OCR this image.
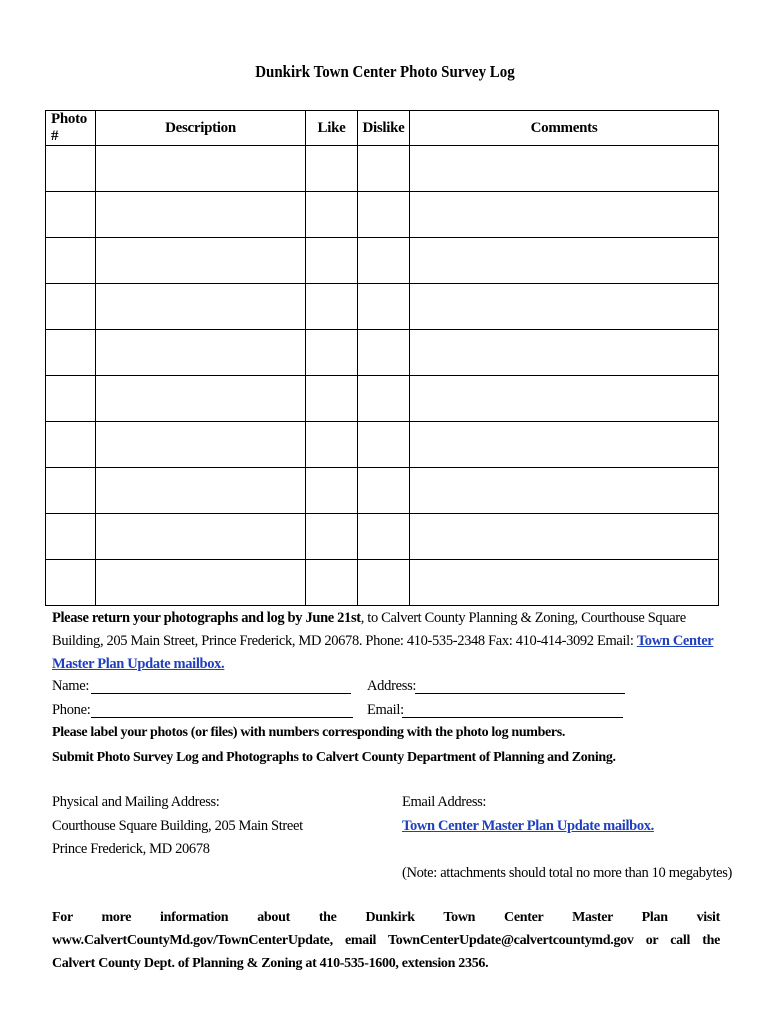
Dunkirk Town Center Photo Survey Log
Photo #	Description	Like	Dislike	Comments

Please return your photographs and log by June 21st, to Calvert County Planning & Zoning, Courthouse Square Building, 205 Main Street, Prince Frederick, MD 20678. Phone: 410-535-2348 Fax: 410-414-3092 Email: Town Center Master Plan Update mailbox.
Name:	Address:
Phone:	Email:
Please label your photos (or files) with numbers corresponding with the photo log numbers.
Submit Photo Survey Log and Photographs to Calvert County Department of Planning and Zoning.
Physical and Mailing Address:
Courthouse Square Building, 205 Main Street
Prince Frederick, MD 20678
Email Address:
Town Center Master Plan Update mailbox.
(Note: attachments should total no more than 10 megabytes)
For more information about the Dunkirk Town Center Master Plan visit www.CalvertCountyMd.gov/TownCenterUpdate, email TownCenterUpdate@calvertcountymd.gov or call the Calvert County Dept. of Planning & Zoning at 410-535-1600, extension 2356.
